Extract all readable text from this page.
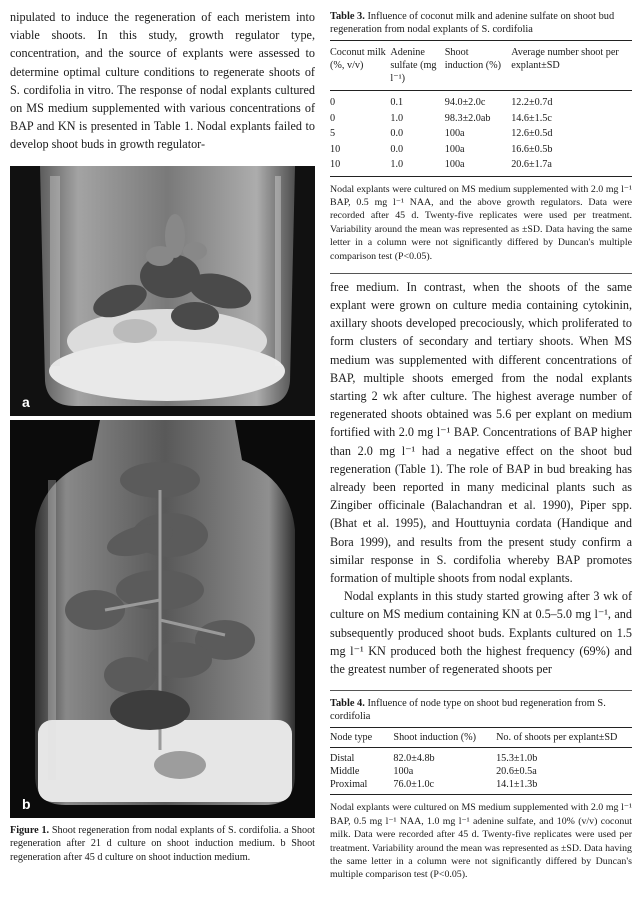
nipulated to induce the regeneration of each meristem into viable shoots. In this study, growth regulator type, concentration, and the source of explants were assessed to determine optimal culture conditions to regenerate shoots of S. cordifolia in vitro. The response of nodal explants cultured on MS medium supplemented with various concentrations of BAP and KN is presented in Table 1. Nodal explants failed to develop shoot buds in growth regulator-

a
b

Figure 1. Shoot regeneration from nodal explants of S. cordifolia. a Shoot regeneration after 21 d culture on shoot induction medium. b Shoot regeneration after 45 d culture on shoot induction medium.

Table 3. Influence of coconut milk and adenine sulfate on shoot bud regeneration from nodal explants of S. cordifolia
Coconut milk (%, v/v)	Adenine sulfate (mg l⁻¹)	Shoot induction (%)	Average number shoot per explant±SD
0	0.1	94.0±2.0c	12.2±0.7d
0	1.0	98.3±2.0ab	14.6±1.5c
5	0.0	100a	12.6±0.5d
10	0.0	100a	16.6±0.5b
10	1.0	100a	20.6±1.7a

Nodal explants were cultured on MS medium supplemented with 2.0 mg l⁻¹ BAP, 0.5 mg l⁻¹ NAA, and the above growth regulators. Data were recorded after 45 d. Twenty-five replicates were used per treatment. Variability around the mean was represented as ±SD. Data having the same letter in a column were not significantly differed by Duncan's multiple comparison test (P<0.05).

free medium. In contrast, when the shoots of the same explant were grown on culture media containing cytokinin, axillary shoots developed precociously, which proliferated to form clusters of secondary and tertiary shoots. When MS medium was supplemented with different concentrations of BAP, multiple shoots emerged from the nodal explants starting 2 wk after culture. The highest average number of regenerated shoots obtained was 5.6 per explant on medium fortified with 2.0 mg l⁻¹ BAP. Concentrations of BAP higher than 2.0 mg l⁻¹ had a negative effect on the shoot bud regeneration (Table 1). The role of BAP in bud breaking has already been reported in many medicinal plants such as Zingiber officinale (Balachandran et al. 1990), Piper spp. (Bhat et al. 1995), and Houttuynia cordata (Handique and Bora 1999), and results from the present study confirm a similar response in S. cordifolia whereby BAP promotes formation of multiple shoots from nodal explants.

Nodal explants in this study started growing after 3 wk of culture on MS medium containing KN at 0.5–5.0 mg l⁻¹, and subsequently produced shoot buds. Explants cultured on 1.5 mg l⁻¹ KN produced both the highest frequency (69%) and the greatest number of regenerated shoots per

Table 4. Influence of node type on shoot bud regeneration from S. cordifolia
Node type	Shoot induction (%)	No. of shoots per explant±SD
Distal	82.0±4.8b	15.3±1.0b
Middle	100a	20.6±0.5a
Proximal	76.0±1.0c	14.1±1.3b

Nodal explants were cultured on MS medium supplemented with 2.0 mg l⁻¹ BAP, 0.5 mg l⁻¹ NAA, 1.0 mg l⁻¹ adenine sulfate, and 10% (v/v) coconut milk. Data were recorded after 45 d. Twenty-five replicates were used per treatment. Variability around the mean was represented as ±SD. Data having the same letter in a column were not significantly differed by Duncan's multiple comparison test (P<0.05).
